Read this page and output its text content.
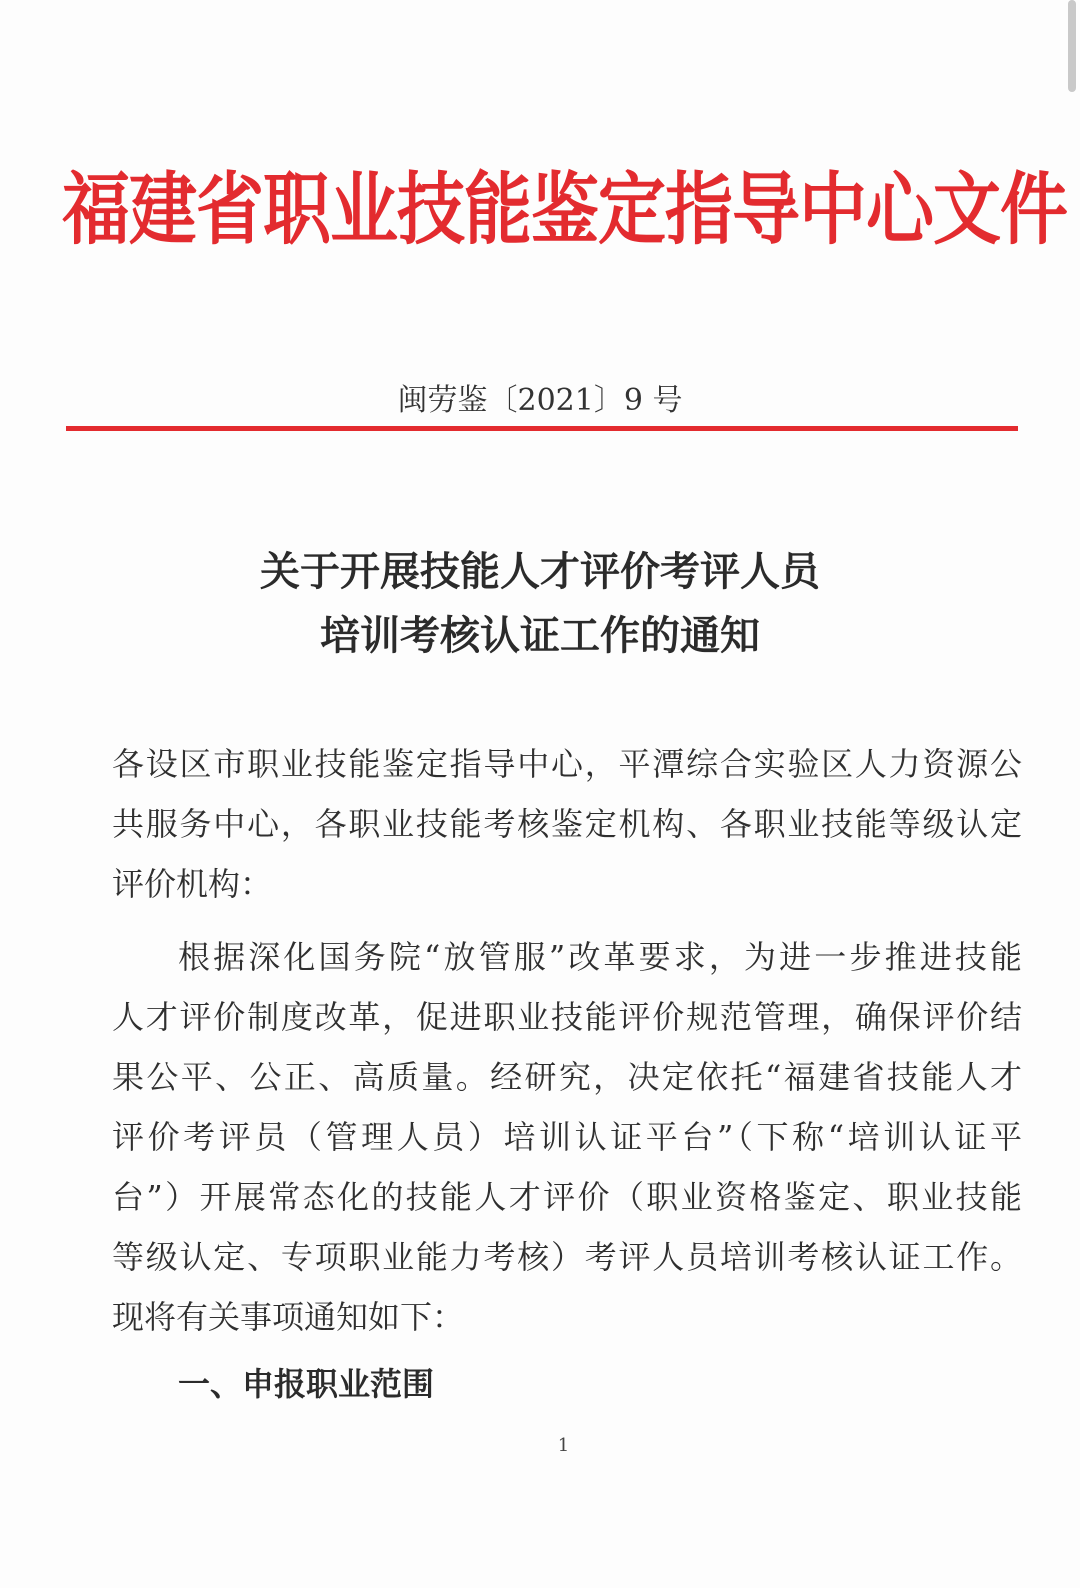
福建省职业技能鉴定指导中心文件
闽劳鉴〔2021〕9 号
关于开展技能人才评价考评人员
培训考核认证工作的通知
各设区市职业技能鉴定指导中心，平潭综合实验区人力资源公
共服务中心，各职业技能考核鉴定机构、各职业技能等级认定
评价机构：
根据深化国务院“放管服”改革要求，为进一步推进技能
人才评价制度改革，促进职业技能评价规范管理，确保评价结
果公平、公正、高质量。经研究，决定依托“福建省技能人才
评价考评员（管理人员）培训认证平台”（下称“培训认证平
台”）开展常态化的技能人才评价（职业资格鉴定、职业技能
等级认定、专项职业能力考核）考评人员培训考核认证工作。
现将有关事项通知如下：
一、申报职业范围
1
